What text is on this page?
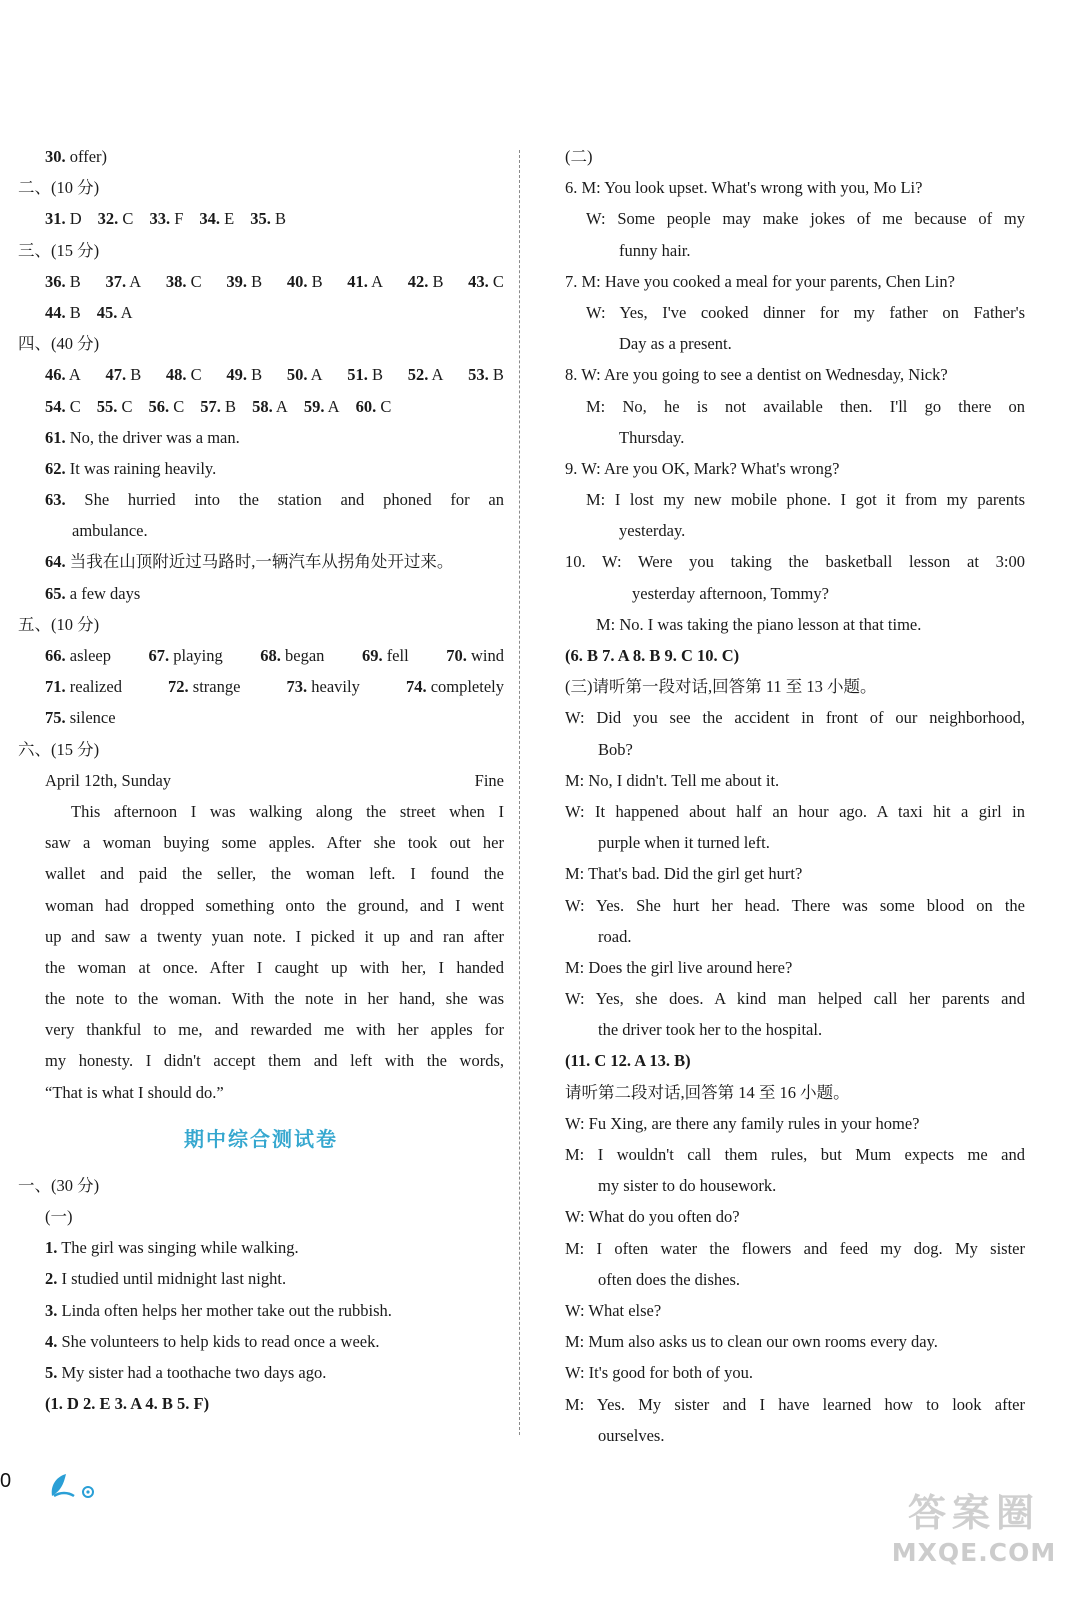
30. offer)
二、(10 分)
31. D 32. C 33. F 34. E 35. B
三、(15 分)
36. B 37. A 38. C 39. B 40. B 41. A 42. B 43. C
44. B 45. A
四、(40 分)
46. A 47. B 48. C 49. B 50. A 51. B 52. A 53. B
54. C 55. C 56. C 57. B 58. A 59. A 60. C
61. No, the driver was a man.
62. It was raining heavily.
63. She hurried into the station and phoned for an
ambulance.
64. 当我在山顶附近过马路时,一辆汽车从拐角处开过来。
65. a few days
五、(10 分)
66. asleep 67. playing 68. began 69. fell 70. wind
71. realized	72. strange	73. heavily	74. completely
75. silence
六、(15 分)
April 12th, Sunday	Fine
This afternoon I was walking along the street when I
saw a woman buying some apples. After she took out her
wallet and paid the seller, the woman left. I found the
woman had dropped something onto the ground, and I went
up and saw a twenty yuan note. I picked it up and ran after
the woman at once. After I caught up with her, I handed
the note to the woman. With the note in her hand, she was
very thankful to me, and rewarded me with her apples for
my honesty. I didn't accept them and left with the words,
“That is what I should do.”
期中综合测试卷
一、(30 分)
(一)
1. The girl was singing while walking.
2. I studied until midnight last night.
3. Linda often helps her mother take out the rubbish.
4. She volunteers to help kids to read once a week.
5. My sister had a toothache two days ago.
(1. D 2. E 3. A 4. B 5. F)
(二)
6. M: You look upset. What's wrong with you, Mo Li?
W: Some people may make jokes of me because of my
funny hair.
7. M: Have you cooked a meal for your parents, Chen Lin?
W: Yes, I've cooked dinner for my father on Father's
Day as a present.
8. W: Are you going to see a dentist on Wednesday, Nick?
M: No, he is not available then. I'll go there on
Thursday.
9. W: Are you OK, Mark? What's wrong?
M: I lost my new mobile phone. I got it from my parents
yesterday.
10. W: Were you taking the basketball lesson at 3:00
yesterday afternoon, Tommy?
M: No. I was taking the piano lesson at that time.
(6. B 7. A 8. B 9. C 10. C)
(三)请听第一段对话,回答第 11 至 13 小题。
W: Did you see the accident in front of our neighborhood,
Bob?
M: No, I didn't. Tell me about it.
W: It happened about half an hour ago. A taxi hit a girl in
purple when it turned left.
M: That's bad. Did the girl get hurt?
W: Yes. She hurt her head. There was some blood on the
road.
M: Does the girl live around here?
W: Yes, she does. A kind man helped call her parents and
the driver took her to the hospital.
(11. C 12. A 13. B)
请听第二段对话,回答第 14 至 16 小题。
W: Fu Xing, are there any family rules in your home?
M: I wouldn't call them rules, but Mum expects me and
my sister to do housework.
W: What do you often do?
M: I often water the flowers and feed my dog. My sister
often does the dishes.
W: What else?
M: Mum also asks us to clean our own rooms every day.
W: It's good for both of you.
M: Yes. My sister and I have learned how to look after
ourselves.
0
答案圈
MXQE.COM
